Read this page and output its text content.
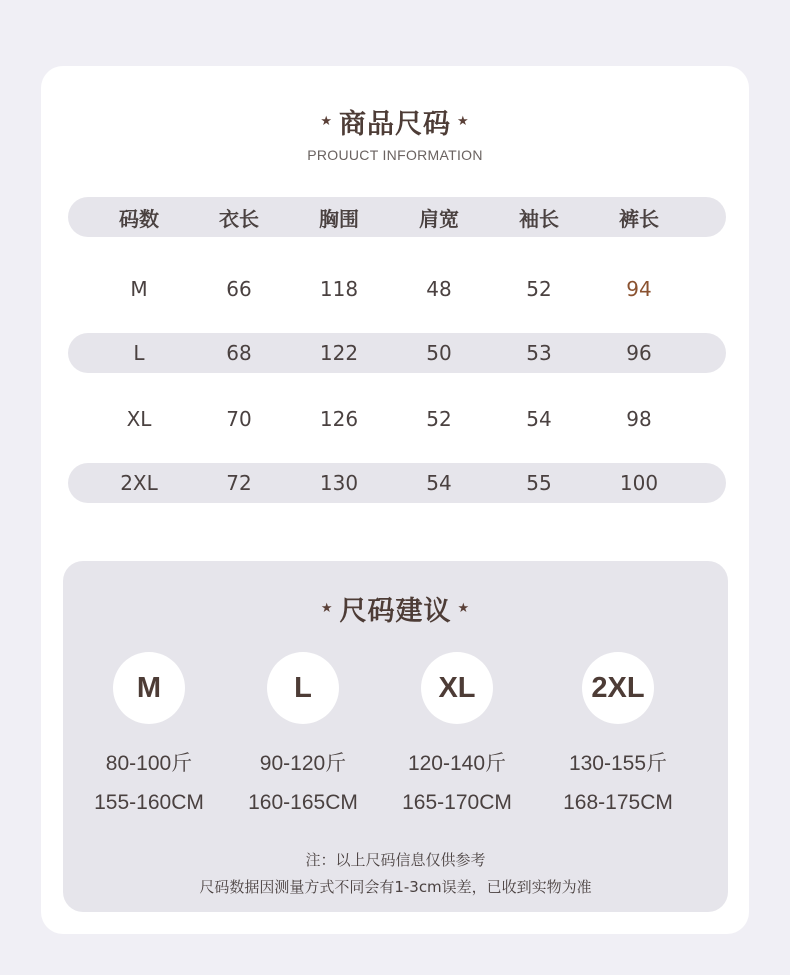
★ 商品尺码 ★
PROUUCT INFORMATION
码数	衣长	胸围	肩宽	袖长	裤长
M	66	118	48	52	94
L	68	122	50	53	96
XL	70	126	52	54	98
2XL	72	130	54	55	100
★ 尺码建议 ★
M	L	XL	2XL
80-100斤	90-120斤	120-140斤	130-155斤
155-160CM	160-165CM	165-170CM	168-175CM
注：以上尺码信息仅供参考
尺码数据因测量方式不同会有1-3cm误差，已收到实物为准
